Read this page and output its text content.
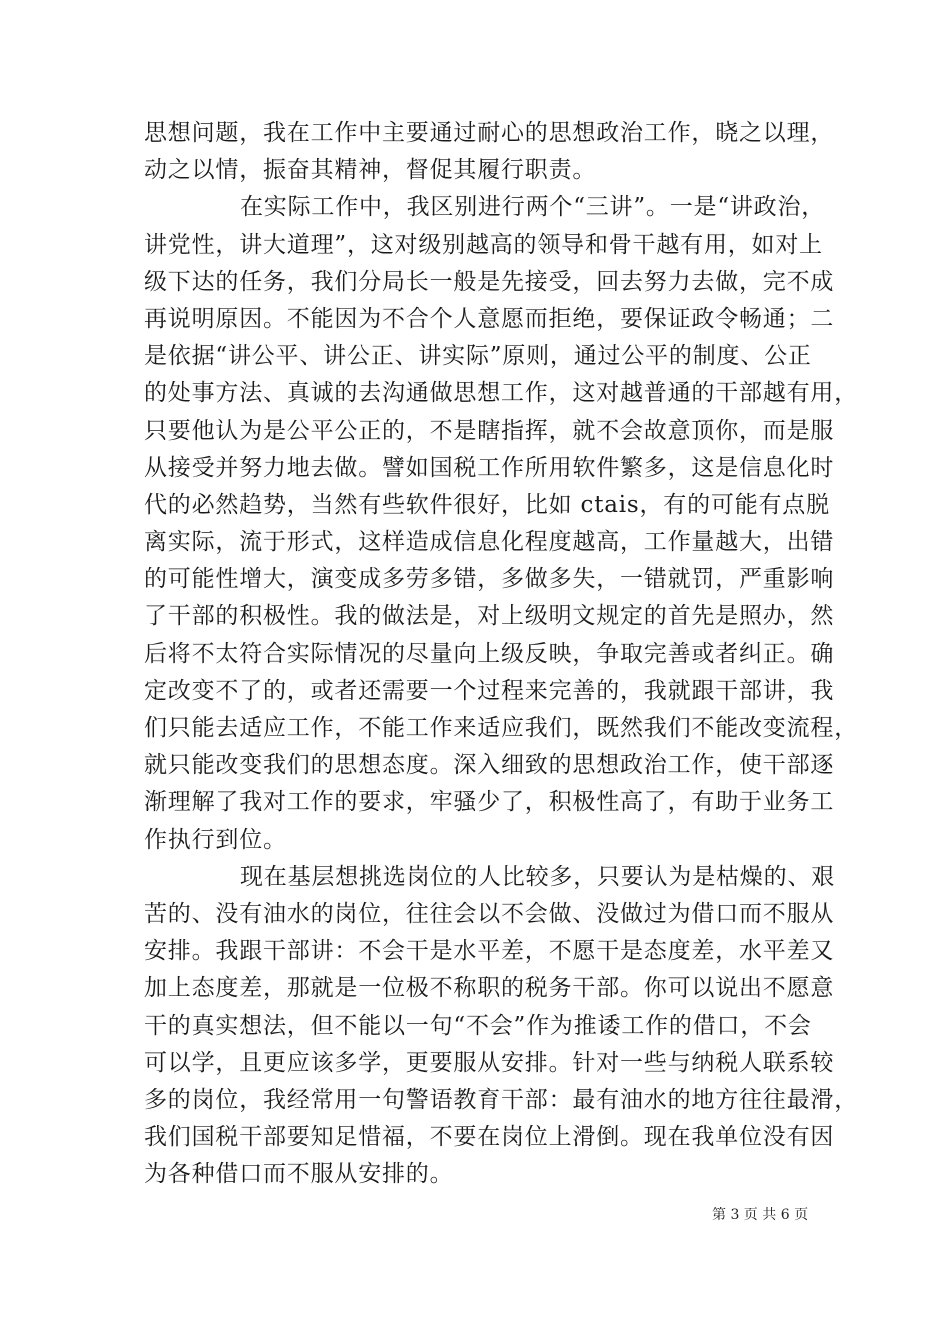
思想问题，我在工作中主要通过耐心的思想政治工作，晓之以理，
动之以情，振奋其精神，督促其履行职责。
在实际工作中，我区别进行两个“三讲”。一是“讲政治，
讲党性，讲大道理”，这对级别越高的领导和骨干越有用，如对上
级下达的任务，我们分局长一般是先接受，回去努力去做，完不成
再说明原因。不能因为不合个人意愿而拒绝，要保证政令畅通；二
是依据“讲公平、讲公正、讲实际”原则，通过公平的制度、公正
的处事方法、真诚的去沟通做思想工作，这对越普通的干部越有用，
只要他认为是公平公正的，不是瞎指挥，就不会故意顶你，而是服
从接受并努力地去做。譬如国税工作所用软件繁多，这是信息化时
代的必然趋势，当然有些软件很好，比如 ctais，有的可能有点脱
离实际，流于形式，这样造成信息化程度越高，工作量越大，出错
的可能性增大，演变成多劳多错，多做多失，一错就罚，严重影响
了干部的积极性。我的做法是，对上级明文规定的首先是照办，然
后将不太符合实际情况的尽量向上级反映，争取完善或者纠正。确
定改变不了的，或者还需要一个过程来完善的，我就跟干部讲，我
们只能去适应工作，不能工作来适应我们，既然我们不能改变流程，
就只能改变我们的思想态度。深入细致的思想政治工作，使干部逐
渐理解了我对工作的要求，牢骚少了，积极性高了，有助于业务工
作执行到位。
现在基层想挑选岗位的人比较多，只要认为是枯燥的、艰
苦的、没有油水的岗位，往往会以不会做、没做过为借口而不服从
安排。我跟干部讲：不会干是水平差，不愿干是态度差，水平差又
加上态度差，那就是一位极不称职的税务干部。你可以说出不愿意
干的真实想法，但不能以一句“不会”作为推诿工作的借口，不会
可以学，且更应该多学，更要服从安排。针对一些与纳税人联系较
多的岗位，我经常用一句警语教育干部：最有油水的地方往往最滑，
我们国税干部要知足惜福，不要在岗位上滑倒。现在我单位没有因
为各种借口而不服从安排的。
第 3 页 共 6 页
